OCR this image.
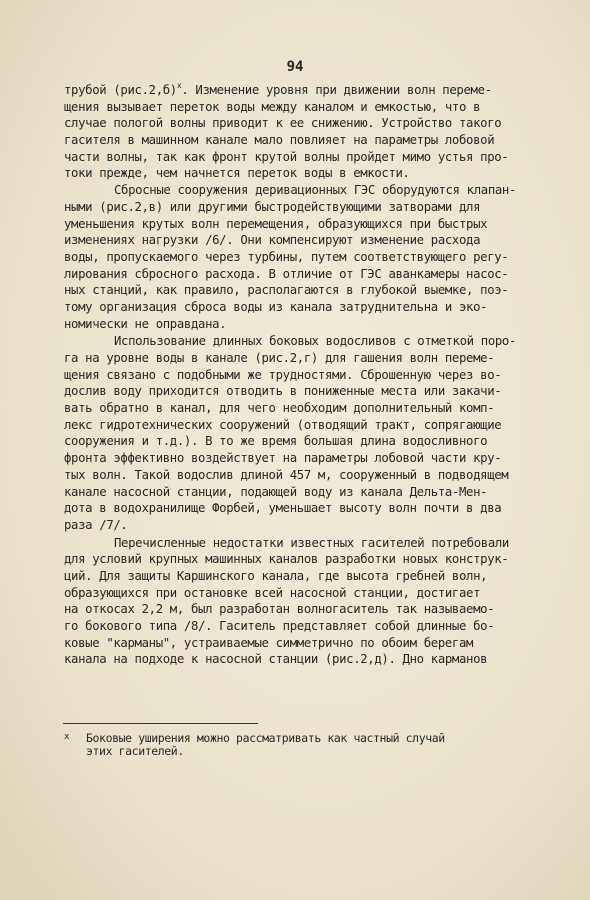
94
трубой $(рис.2,б)^x$. Изменение уровня при движении волн переме-
щения вызывает переток воды между каналом и емкостью, что в
случае пологой волны приводит к ее снижению. Устройство такого
гасителя в машинном канале мало повлияет на параметры лобовой
части волны, так как фронт крутой волны пройдет мимо устья про-
токи прежде, чем начнется переток воды в емкости.
Сбросные сооружения деривационных ГЭС оборудуются клапан-
ными (рис.2,в) или другими быстродействующими затворами для
уменьшения крутых волн перемещения, образующихся при быстрых
изменениях нагрузки /6/. Они компенсируют изменение расхода
воды, пропускаемого через турбины, путем соответствующего регу-
лирования сбросного расхода. В отличие от ГЭС аванкамеры насос-
ных станций, как правило, располагаются в глубокой выемке, поэ-
тому организация сброса воды из канала затруднительна и эко-
номически не оправдана.
Использование длинных боковых водосливов с отметкой поро-
га на уровне воды в канале (рис.2,г) для гашения волн переме-
щения связано с подобными же трудностями. Сброшенную через во-
дослив воду приходится отводить в пониженные места или закачи-
вать обратно в канал, для чего необходим дополнительный комп-
лекс гидротехнических сооружений (отводящий тракт, сопрягающие
сооружения и т.д.). В то же время большая длина водосливного
фронта эффективно воздействует на параметры лобовой части кру-
тых волн. Такой водослив длиной 457 м, сооруженный в подводящем
канале насосной станции, подающей воду из канала Дельта-Мен-
дота в водохранилище Форбей, уменьшает высоту волн почти в два
раза /7/.
Перечисленные недостатки известных гасителей потребовали
для условий крупных машинных каналов разработки новых конструк-
ций. Для защиты Каршинского канала, где высота гребней волн,
образующихся при остановке всей насосной станции, достигает
на откосах 2,2 м, был разработан волногаситель так называемо-
го бокового типа /8/. Гаситель представляет собой длинные бо-
ковые "карманы", устраиваемые симметрично по обоим берегам
канала на подходе к насосной станции (рис.2,д). Дно карманов
x Боковые уширения можно рассматривать как частный случай
этих гасителей.
